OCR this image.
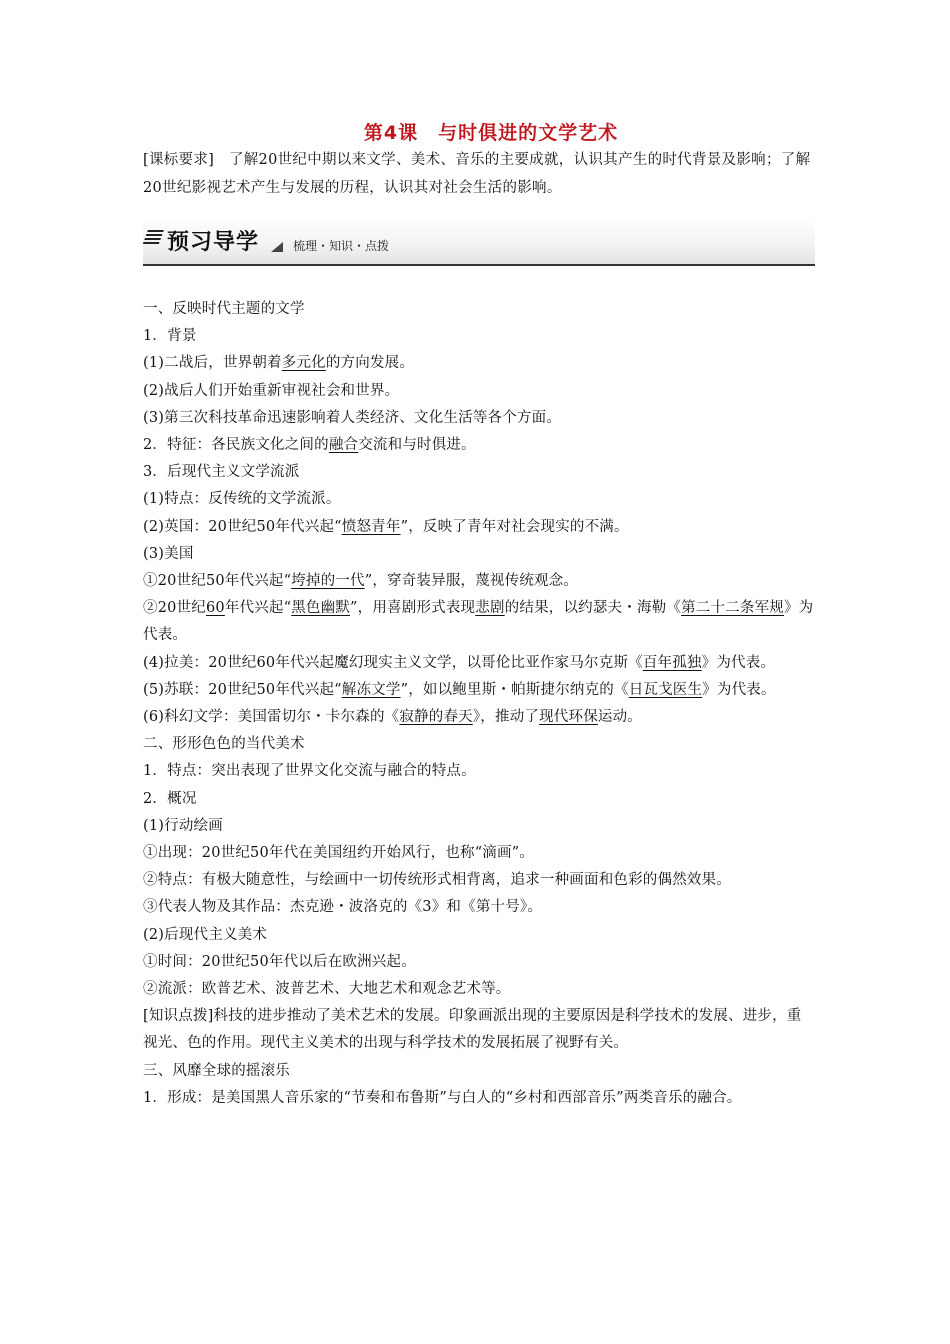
第4课　与时俱进的文学艺术

[课标要求]　 了解20世纪中期以来文学、美术、音乐的主要成就，认识其产生的时代背景及影响；了解20世纪影视艺术产生与发展的历程，认识其对社会生活的影响。

预习导学	梳理・知识・点拨

一、反映时代主题的文学

1．背景

(1)二战后，世界朝着多元化的方向发展。

(2)战后人们开始重新审视社会和世界。

(3)第三次科技革命迅速影响着人类经济、文化生活等各个方面。

2．特征：各民族文化之间的融合交流和与时俱进。

3．后现代主义文学流派

(1)特点：反传统的文学流派。

(2)英国：20世纪50年代兴起“愤怒青年”，反映了青年对社会现实的不满。

(3)美国

①20世纪50年代兴起“垮掉的一代”，穿奇装异服，蔑视传统观念。

②20世纪60年代兴起“黑色幽默”，用喜剧形式表现悲剧的结果，以约瑟夫・海勒《第二十二条军规》为代表。

(4)拉美：20世纪60年代兴起魔幻现实主义文学，以哥伦比亚作家马尔克斯《百年孤独》为代表。

(5)苏联：20世纪50年代兴起“解冻文学”，如以鲍里斯・帕斯捷尔纳克的《日瓦戈医生》为代表。

(6)科幻文学：美国雷切尔・卡尔森的《寂静的春天》，推动了现代环保运动。

二、形形色色的当代美术

1．特点：突出表现了世界文化交流与融合的特点。

2．概况

(1)行动绘画

①出现：20世纪50年代在美国纽约开始风行，也称“滴画”。

②特点：有极大随意性，与绘画中一切传统形式相背离，追求一种画面和色彩的偶然效果。

③代表人物及其作品：杰克逊・波洛克的《3》和《第十号》。

(2)后现代主义美术

①时间：20世纪50年代以后在欧洲兴起。

②流派：欧普艺术、波普艺术、大地艺术和观念艺术等。

[知识点拨]科技的进步推动了美术艺术的发展。印象画派出现的主要原因是科学技术的发展、进步，重视光、色的作用。现代主义美术的出现与科学技术的发展拓展了视野有关。

三、风靡全球的摇滚乐

1．形成：是美国黑人音乐家的“节奏和布鲁斯”与白人的“乡村和西部音乐”两类音乐的融合。
